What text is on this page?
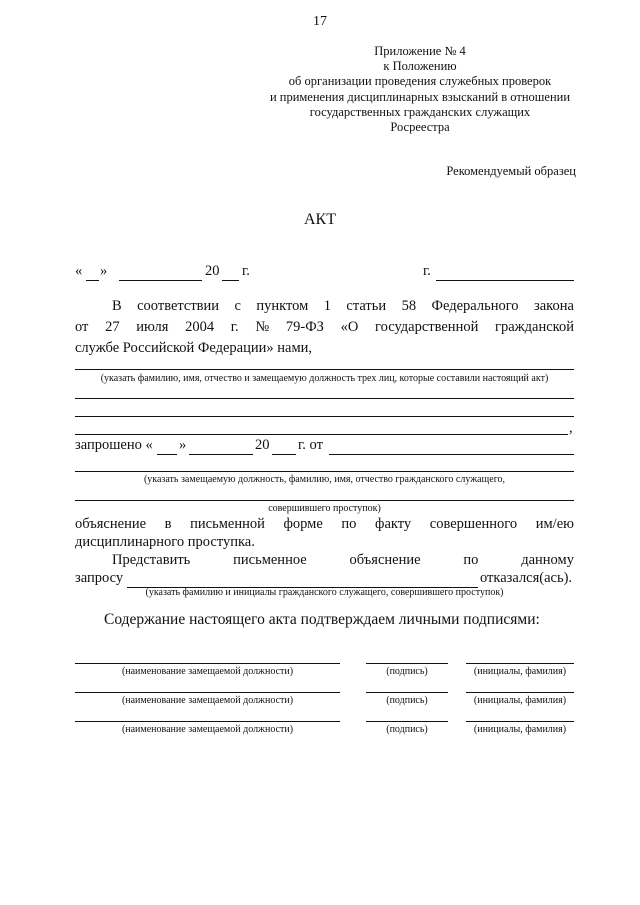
17
Приложение № 4
к Положению
об организации проведения служебных проверок
и применения дисциплинарных взысканий в отношении
государственных гражданских служащих
Росреестра
Рекомендуемый образец
АКТ
« »	20 г.	г.
В соответствии с пунктом 1 статьи 58 Федерального закона
от 27 июля 2004 г. № 79-ФЗ «О государственной гражданской
службе Российской Федерации» нами,
(указать фамилию, имя, отчество и замещаемую должность трех лиц, которые составили настоящий акт)
,
запрошено « »	20 г. от
(указать замещаемую должность, фамилию, имя, отчество гражданского служащего,
совершившего проступок)
объяснение в письменной форме по факту совершенного им/ею
дисциплинарного проступка.
Представить	письменное	объяснение	по	данному
запросу	отказался(ась).
(указать фамилию и инициалы гражданского служащего, совершившего проступок)
Содержание настоящего акта подтверждаем личными подписями:
(наименование замещаемой должности)	(подпись)	(инициалы, фамилия)
(наименование замещаемой должности)	(подпись)	(инициалы, фамилия)
(наименование замещаемой должности)	(подпись)	(инициалы, фамилия)
